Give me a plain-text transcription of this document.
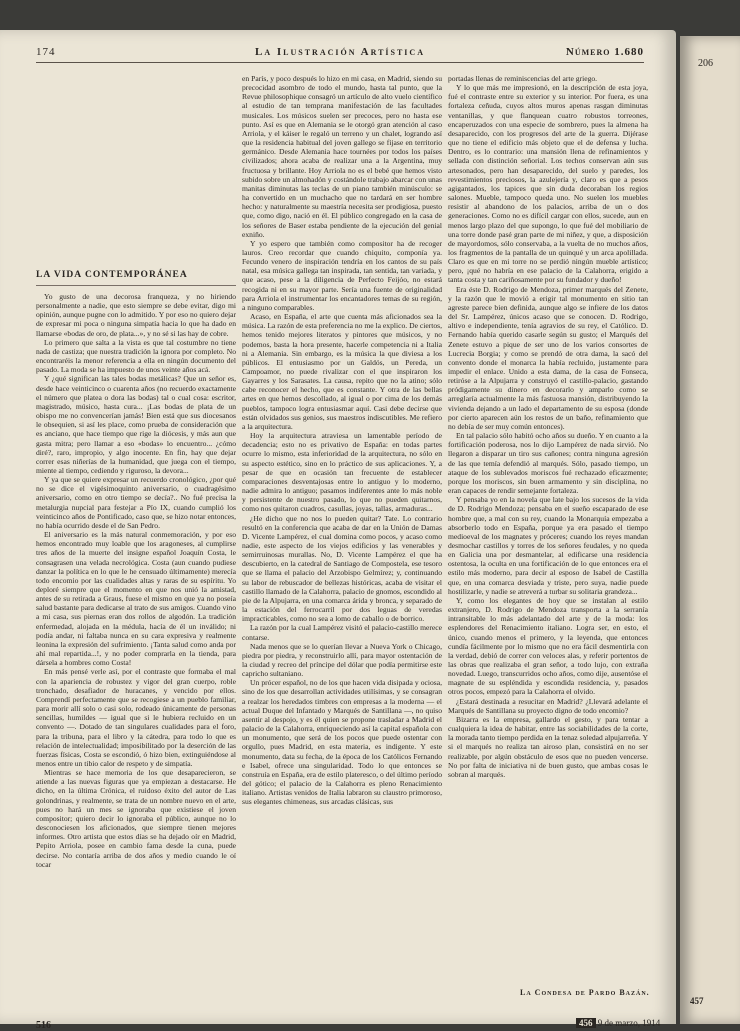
174	La Ilustración Artística	Número 1.680
LA VIDA CONTEMPORÁNEA

Yo gusto de una decorosa franqueza, y no hiriendo personalmente a nadie, que esto siempre se debe evitar, digo mi opinión, aunque pugne con lo admitido. Y por eso no quiero dejar de expresar mi poca o ninguna simpatía hacia lo que ha dado en llamarse «bodas de oro, de plata...», y no sé si las hay de cobre.

Lo primero que salta a la vista es que tal costumbre no tiene nada de castiza; que nuestra tradición la ignora por completo. No encontraréis la menor referencia a ella en ningún documento del pasado. La moda se ha impuesto de unos veinte años acá.

Y ¿qué significan las tales bodas metálicas? Que un señor es, desde hace veinticinco o cuarenta años (no recuerdo exactamente el número que plateа o dora las bodas) tal o cual cosa: escritor, magistrado, músico, hasta cura... ¡Las bodas de plata de un obispo me no convencerían jamás! Bien está que sus diocesanos le obsequien, si así les place, como prueba de consideración que es anciano, que hace tiempo que rige la diócesis, y más aun que gasta mitra; pero llamar a eso «bodas» lo encuentro... ¿cómo diré?, raro, impropio, y algo inocente. En fin, hay que dejar correr esas niñerías de la humanidad, que juega con el tiempo, miente al tiempo, cediendo y riguroso, la devora...

Y ya que se quiere expresar un recuerdo cronológico, ¿por qué no se dice el vigésimoquinto aniversario, o cuadragésimo aniversario, como en otro tiempo se decía?.. No fué precisa la metalurgia nupcial para festejar a Pío IX, cuando cumplió los veinticinco años de Pontificado, caso que, se hizo notar entonces, no había ocurrido desde el de San Pedro.

El aniversario es la más natural conmemoración, y por eso hemos encontrado muy loable que los aragoneses, al cumplirse tres años de la muerte del insigne español Joaquín Costa, le consagrasen una velada necrológica. Costa (aun cuando pudiese danzar la política en lo que le he censuado últimamente) merecía todo encomio por las cualidades altas y raras de su espíritu. Yo deploré siempre que el momento en que nos unió la amistad, antes de su retirada a Graus, fuese el mismo en que ya no poseía salud bastante para dedicarse al trato de sus amigos. Cuando vino a mi casa, sus piernas eran dos rollos de algodón. La tradición enfermedad, alojada en la médula, hacía de él un inválido; ni podía andar, ni faltaba nunca en su cara expresiva y realmente leonina la expresión del sufrimiento. ¡Tanta salud como anda por ahí mal repartida...!, y no poder comprarla en la tienda, para dársela a hombres como Costa!

En más pensé verle así, por el contraste que formaba el mal con la apariencia de robustez y vigor del gran cuerpo, roble tronchado, desafiador de huracanes, y vencido por ellos. Comprendí perfectamente que se recogiese a un pueblo familiar, para morir allí solo o casi solo, rodeado únicamente de personas sencillas, humildes — igual que si le hubiera recluido en un convento —. Dotado de tan singulares cualidades para el foro, para la tribuna, para el libro y la cátedra, para todo lo que es relación de intelectualidad; imposibilitado por la deserción de las fuerzas físicas, Costa se escondió, ó hizo bien, extinguiéndose al menos entre un tibio calor de respeto y de simpatía.

Mientras se hace memoria de los que desaparecieron, se atiende a las nuevas figuras que ya empiezan a destacarse. He dicho, en la última Crónica, el ruidoso éxito del autor de Las golondrinas, y realmente, se trata de un nombre nuevo en el arte, pues no hará un mes se ignoraba que existiese el joven compositor; quiero decir lo ignoraba el público, aunque no lo desconociesen los aficionados, que siempre tienen mejores informes. Otro artista que estos días se ha dejado oír en Madrid, Pepito Arriola, posee en cambio fama desde la cuna, puede decirse. No contaría arriba de dos años y medio cuando le oí tocar

en París, y poco después lo hizo en mi casa, en Madrid, siendo su precocidad asombro de todo el mundo, hasta tal punto, que la Revue philosophique consagró un artículo de alto vuelo científico al estudio de tan temprana manifestación de las facultades musicales. Los músicos suelen ser precoces, pero no hasta ese punto. Así es que en Alemania se le otorgó gran atención al caso Arriola, y el káiser le regaló un terreno y un chalet, logrando así que la residencia habitual del joven gallego se fijase en territorio germánico. Desde Alemania hace tournées por todos los países civilizados; ahora acaba de realizar una a la Argentina, muy fructuosa y brillante. Hoy Arriola no es el bebé que hemos visto subido sobre un almohadón y costándole trabajo abarcar con unas manitas diminutas las teclas de un piano también minúsculo: se ha convertido en un muchacho que no tardará en ser hombre hecho: y naturalmente su maestría necesita ser prodigiosa, puesto que, como digo, nació en él. El público congregado en la casa de los señores de Baser estaba pendiente de la ejecución del genial exniño.

Y yo espero que también como compositor ha de recoger lauros. Creo recordar que cuando chiquito, componía ya. Fecundo venero de inspiración tendría en los cantos de su país natal, esa música gallega tan inspirada, tan sentida, tan variada, y que acaso, pese a la diligencia de Perfecto Feijóo, no estará recogida ni en su mayor parte. Sería una fuente de originalidad para Arriola el instrumentar los encantadores temas de su región, a ninguno comparables.

Acaso, en España, el arte que cuenta más aficionados sea la música. La razón de esta preferencia no me la explico. De ciertos, hemos tenido mejores literatos y pintores que músicos, y no podemos, basta la hora presente, hacerle competencia ni a Italia ni a Alemania. Sin embargo, es la música la que diviesa a los públicos. El entusiasmo por un Galdós, un Pereda, un Campoamor, no puede rivalizar con el que inspiraron los Gayarres y los Sarasates. La causa, repito que no la atino; sólo cabe reconocer el hecho, que es constante. Y otra de las bellas artes en que hemos descollado, al igual o por cima de los demás pueblos, tampoco logra entusiasmar aquí. Casi debe decirse que están olvidados sus genios, sus maestros indiscutibles. Me refiero a la arquitectura.

Hoy la arquitectura atraviesa un lamentable período de decadencia; esto no es privativo de España: en todas partes ocurre lo mismo, esta inferioridad de la arquitectura, no sólo en su aspecto estético, sino en lo práctico de sus aplicaciones. Y, a pesar de que en ocasión tan frecuente de establecer comparaciones desventajosas entre lo antiguo y lo moderno, nadie admira lo antiguo; pasamos indiferentes ante lo más noble y persistente de nuestro pasado, lo que no pueden quitarnos, como nos quitaron cuadros, casullas, joyas, tallas, armaduras...

¿He dicho que no nos lo pueden quitar? Tate. Lo contrario resultó en la conferencia que acaba de dar en la Unión de Damas D. Vicente Lampérez, el cual domina como pocos, y acaso como nadie, este aspecto de los viejos edificios y las venerables y semirruinosas murallas. No, D. Vicente Lampérez el que ha descubierto, en la catedral de Santiago de Compostela, ese tesoro que se llama el palacio del Arzobispo Gelmírez; y, continuando su labor de rebuscador de bellezas históricas, acaba de visitar el castillo llamado de la Calahorra, palacio de gnomos, escondido al pie de la Alpujarra, en una comarca árida y bronca, y separado de la estación del ferrocarril por dos leguas de veredas impracticables, como no sea a lomo de caballo o de borrico.

La razón por la cual Lampérez visitó el palacio-castillo merece contarse.

Nada menos que se lo querían llevar a Nueva York o Chicago, piedra por piedra, y reconstruirlo allí, para mayor ostentación de la ciudad y recreo del príncipe del dólar que podía permitirse este capricho sultaniano.

Un prócer español, no de los que hacen vida disipada y ociosa, sino de los que desarrollan actividades utilísimas, y se consagran a realzar los heredados timbres con empresas a la moderna — el actual Duque del Infantado y Marqués de Santillana —, no quiso asentir al despojo, y es él quien se propone trasladar a Madrid el palacio de la Calahorra, enriqueciendo así la capital española con un monumento, que será de los pocos que puede ostentar con orgullo, pues Madrid, en esta materia, es indigente. Y este monumento, data su fecha, de la época de los Católicos Fernando e Isabel, ofrece una singularidad. Todo lo que entonces se construía en España, era de estilo plateresco, o del último período del gótico; el palacio de la Calahorra es pleno Renacimiento italiano. Artistas venidos de Italia labraron su claustro primoroso, sus elegantes chimeneas, sus arcadas clásicas, sus

portadas llenas de reminiscencias del arte griego.

Y lo que más me impresionó, en la descripción de esta joya, fué el contraste entre su exterior y su interior. Por fuera, es una fortaleza ceñuda, cuyos altos muros apenas rasgan diminutas ventanillas, y que flanquean cuatro robustos torreones, encaperuzados con una especie de sombrero, pues la almena ha desaparecido, con los progresos del arte de la guerra. Dijérase que no tiene el edificio más objeto que el de defensa y lucha. Dentro, es lo contrario: una mansión llena de refinamientos y sellada con distinción señorial. Los techos conservan aún sus artesonados, pero han desaparecido, del suelo y paredes, los revestimientos preciosos, la azulejería y, claro es que a pesos agigantados, los tapices que sin duda decoraban los regios salones. Mueble, tampoco queda uno. No suelen los muebles resistir al abandono de los palacios, arriba de un o dos generaciones. Como no es difícil cargar con ellos, sucede, aun en menos largo plazo del que supongo, lo que fué del mobiliario de una torre donde pasé gran parte de mi niñez, y que, a disposición de mayordomos, sólo conservaba, a la vuelta de no muchos años, los fragmentos de la pantalla de un quinqué y un arca apolillada. Claro es que en mi torre no se perdió ningún mueble artístico; pero, ¡qué no habría en ese palacio de la Calahorra, erigido a tanta costa y tan cariñosamente por su fundador y dueño!

Era éste D. Rodrigo de Mendoza, primer marqués del Zenete, y la razón que le movió a erigir tal monumento en sitio tan agreste parece bien definida, aunque algo se infiere de los datos del Sr. Lampérez, únicos acaso que se conocen. D. Rodrigo, altivo e independiente, tenía agravios de su rey, el Católico. D. Fernando había querido casarle según su gusto; el Marqués del Zenete estuvo a pique de ser uno de los varios consortes de Lucrecia Borgia; y como se prendó de otra dama, la sacó del convento donde el monarca la había recluido, justamente para impedir el enlace. Unido a esta dama, de la casa de Fonseca, retiróse a la Alpujarra y construyó el castillo-palacio, gastando pródigamente su dinero en decorarlo y amparlo como se arreglaría actualmente la más fastuosa mansión, distribuyendo la vivienda dejando a un lado el departamento de su esposa (donde por cierto aparecen aún los restos de un baño, refinamiento que no debía de ser muy común entonces).

En tal palacio sólo habitó ocho años su dueño. Y en cuanto a la fortificación poderosa, nos lo dijo Lampérez de nada sirvió. No llegaron a disparar un tiro sus cañones; contra ninguna agresión de las que temía defendió al marqués. Sólo, pasado tiempo, un ataque de los sublevados moriscos fué rechazado eficazmente; porque los moriscos, sin buen armamento y sin disciplina, no eran capaces de rendir semejante fortaleza.

Y pensaba yo en la novela que late bajo los sucesos de la vida de D. Rodrigo Mendoza; pensaba en el sueño escaparado de ese hombre que, a mal con su rey, cuando la Monarquía empezaba a absorberlo todo en España, porque ya era pasado el tiempo medioeval de los magnates y próceres; cuando los reyes mandan desmochar castillos y torres de los señores feudales, y no queda en Galicia una por desmantelar, al edificarse una residencia ostentosa, la oculta en una fortificación de lo que entonces era el estilo más moderno, para decir al esposo de Isabel de Castilla que, en una comarca desviada y triste, pero suya, nadie puede hostilizarle, y nadie se atreverá a turbar su solitaria grandeza...

Y, como los elegantes de hoy que se instalan al estilo extranjero, D. Rodrigo de Mendoza transporta a la serranía intransitable lo más adelantado del arte y de la moda: los esplendores del Renacimiento italiano. Logra ser, en esto, el único, cuando menos el primero, y la leyenda, que entonces cundía fácilmente por lo mismo que no era fácil desmentirla con la verdad, debió de correr con veloces alas, y referir portentos de las obras que realizaba el gran señor, a todo lujo, con extraña novedad. Luego, transcurridos ocho años, como dije, ausentóse el magnate de su espléndida y escondida residencia, y, pasados otros pocos, empezó para la Calahorra el olvido.

¿Estará destinada a resucitar en Madrid? ¿Llevará adelante el Marqués de Santillana su proyecto digno de todo encomio?

Bizarra es la empresa, gallardo el gesto, y para tentar a cualquiera la idea de habitar, entre las sociabilidades de la corte, la morada tanto tiempo perdida en la tenaz soledad alpujarreña. Y si el marqués no realiza tan airoso plan, consistirá en no ser realizable, por algún obstáculo de esos que no pueden vencerse. No por falta de iniciativa ni de buen gusto, que ambas cosas le sobran al marqués.

La Condesa de Pardo Bazán.
516	456 9 de marzo, 1914
206
457
